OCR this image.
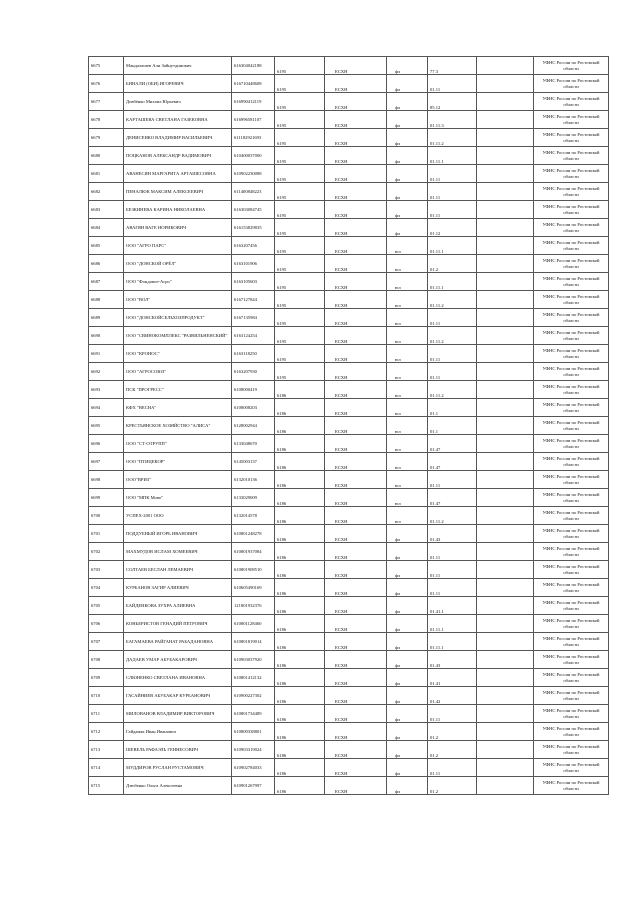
6675	Мандалашев Али Зайнутдинович	616304042188	6195	ЕСХН	фл	77.3		УФНС России по Ростовской области
6676	БИНАЛИ (ОБИ) ИГОРЕВИЧ	616710448608	6195	ЕСХН	фл	01.11		УФНС России по Ростовской области
6677	Довбёнко Михаил Юрьевич	616990412119	6195	ЕСХН	фл	85.12		УФНС России по Ростовской области
6678	КАРТАШЕВА СВЕТЛАНА ГАЗЕКОВНА	616996581107	6195	ЕСХН	фл	01.11.3		УФНС России по Ростовской области
6679	ДЕНИСЕНКО ВЛАДИМИР ВАСИЛЬЕВИЧ	611182921693	6195	ЕСХН	фл	01.11.2		УФНС России по Ростовской области
6680	ПОЦКАНОВ АЛЕКСАНДР ВАДИМОВИЧ	610400037000	6195	ЕСХН	фл	01.11.1		УФНС России по Ростовской области
6681	АВАНЕСЯН МАРГАРИТА АРТАШЕСОВНА	610902230088	6195	ЕСХН	фл	01.11		УФНС России по Ростовской области
6682	ПЕНАЛЮК МАКСИМ АЛЕКСЕЕВИЧ	611400848223	6195	ЕСХН	фл	01.11		УФНС России по Ростовской области
6683	БЕЗКИНЕВА КАРИНА НИКОЛАЕВНА	616303084745	6195	ЕСХН	фл	01.11		УФНС России по Ростовской области
6684	АВАГЯН ВАГЕ НОРИКОВИЧ	616153829835	6195	ЕСХН	фл	01.12		УФНС России по Ростовской области
6685	ООО "АГРО ПАРС"	6163207456	6195	ЕСХН	юл	01.11.1		УФНС России по Ростовской области
6686	ООО "ДОНСКОЙ ОРЁЛ"	6163101906	6195	ЕСХН	юл	01.2		УФНС России по Ростовской области
6687	ООО "Фондовое-Агро"	6163105603	6195	ЕСХН	юл	01.11.1		УФНС России по Ростовской области
6688	ООО "ВОЛ"	6167127844	6195	ЕСХН	юл	01.11.2		УФНС России по Ростовской области
6689	ООО "ДОНСКОЙСЕЛЬХОЗПРОДУКТ"	6167135984	6195	ЕСХН	юл	01.11		УФНС России по Ростовской области
6690	ООО "СВИНОКОМПЛЕКС "РАЗВИЛЬНЕНСКИЙ"	6163124254	6195	ЕСХН	юл	01.11.2		УФНС России по Ростовской области
6691	ООО "КРОНОС"	6163118250	6195	ЕСХН	юл	01.11		УФНС России по Ростовской области
6692	ООО "АГРОСОЮЗ"	6163207930	6195	ЕСХН	юл	01.11		УФНС России по Ростовской области
6693	ПСК "ПРОГРЕСС"	6108000419	6186	ЕСХН	юл	01.11.2		УФНС России по Ростовской области
6694	КФХ "ВЕСНА"	6108008203	6186	ЕСХН	юл	01.1		УФНС России по Ростовской области
6695	КРЕСТЬЯНСКОЕ ХОЗЯЙСТВО "АЛИСА"	6128002944	6186	ЕСХН	юл	01.1		УФНС России по Ростовской области
6696	ООО "СТ-ОТРУПП"	6133048670	6186	ЕСХН	юл	01.47		УФНС России по Ростовской области
6697	ООО "ПТИЦЕКОР"	6145003137	6186	ЕСХН	юл	01.47		УФНС России по Ростовской области
6698	ООО"ВРИЗ"	6132010136	6186	ЕСХН	юл	01.11		УФНС России по Ростовской области
6699	ООО "МПК Мово"	6133029009	6186	ЕСХН	юл	01.47		УФНС России по Ростовской области
6700	УСПЕХ-2001 ООО	6132014578	6186	ЕСХН	юл	01.11.2		УФНС России по Ростовской области
6701	ПОДДУБНЫЙ ИГОРЬ ИВАНОВИЧ	610801248278	6186	ЕСХН	фл	01.43		УФНС России по Ростовской области
6702	МАХМУДОВ ИСЛАМ ХОМЕЕВИЧ	610801937084	6186	ЕСХН	фл	01.11		УФНС России по Ростовской области
6703	СОЛТАЕВ БЕСЛАН ЛЕМАЕВИЧ	610801908510	6186	ЕСХН	фл	01.11		УФНС России по Ростовской области
6704	КУРБАНОВ ЗАГИР АЛИЕВИЧ	610605490169	6186	ЕСХН	фл	01.11		УФНС России по Ростовской области
6705	БАЙДЕНКОВА ЗУХРА АЛИЕВНА	121801932376	6186	ЕСХН	фл	01.41.1		УФНС России по Ростовской области
6706	КОНЬЕРИСТОВ ГЕНАДИЙ ПЕТРОВИЧ	610801128460	6186	ЕСХН	фл	01.11.1		УФНС России по Ростовской области
6707	БАГАМАЕВА РАЙГАНАТ РАБАДАНОВНА	610801819014	6186	ЕСХН	фл	01.11.1		УФНС России по Ростовской области
6708	ДАДАЕВ УМАР АБУБАКАРОВИЧ	610903037920	6186	ЕСХН	фл	01.43		УФНС России по Ростовской области
6709	СЛЮНЕНКО СВЕТЛАНА ИВАНОВНА	610801412132	6186	ЕСХН	фл	01.41		УФНС России по Ростовской области
6710	ГАСАЙНИЕВ АБУБАКАР КУРБАНОВИЧ	610900227302	6186	ЕСХН	фл	01.42		УФНС России по Ростовской области
6711	МИЛОВАНОВ ВЛАДИМИР ВИКТОРОВИЧ	610801734489	6186	ЕСХН	фл	01.11		УФНС России по Ростовской области
6712	Гайдамак Иван Иванович	610800338801	6186	ЕСХН	фл	01.2		УФНС России по Ростовской области
6713	ШЕВЕЛЬ РАФАЭЛЬ ГЕННЕСОВИЧ	610903319024	6186	ЕСХН	фл	01.2		УФНС России по Ростовской области
6714	МУДДИРОВ РУСЛАН РУСТАМОВИЧ	610902784033	6186	ЕСХН	фл	01.11		УФНС России по Ростовской области
6715	Дзюбенко Ольга Алексеевна	610901267997	6186	ЕСХН	фл	01.2		УФНС России по Ростовской области
